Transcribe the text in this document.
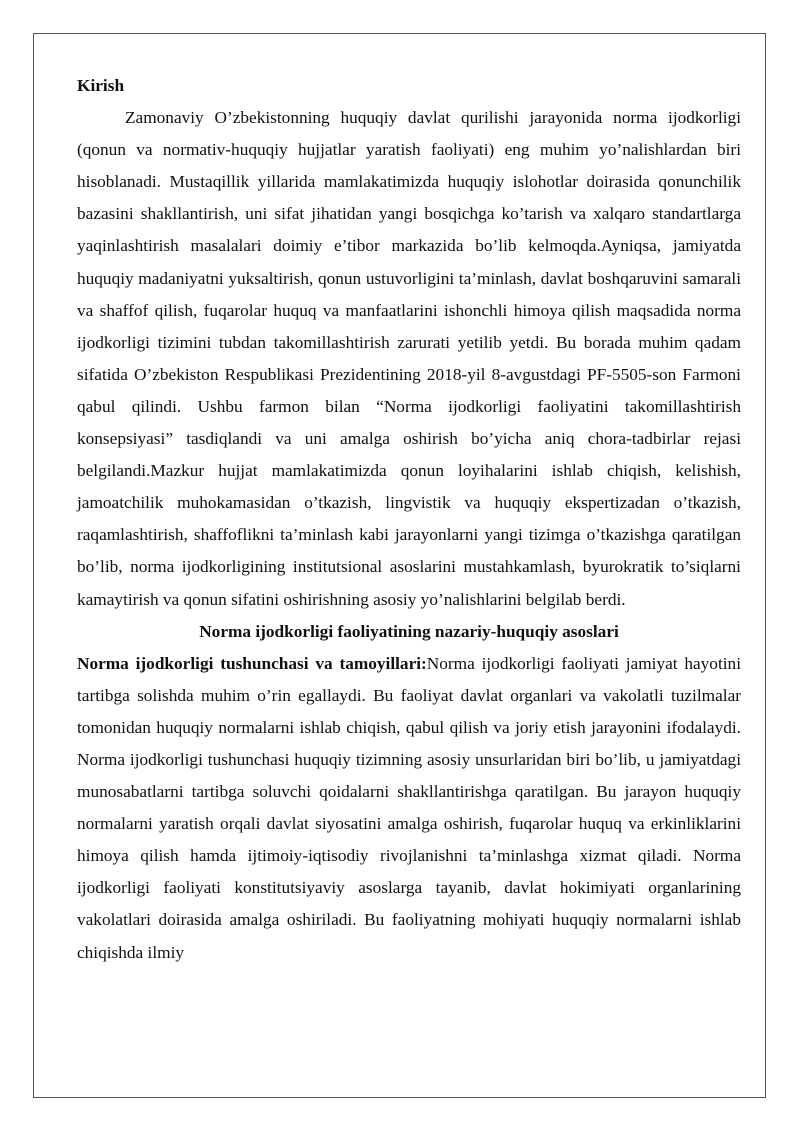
Kirish

Zamonaviy O’zbekistonning huquqiy davlat qurilishi jarayonida norma ijodkorligi (qonun va normativ-huquqiy hujjatlar yaratish faoliyati) eng muhim yo’nalishlardan biri hisoblanadi. Mustaqillik yillarida mamlakatimizda huquqiy islohotlar doirasida qonunchilik bazasini shakllantirish, uni sifat jihatidan yangi bosqichga ko’tarish va xalqaro standartlarga yaqinlashtirish masalalari doimiy e’tibor markazida bo’lib kelmoqda.Ayniqsa, jamiyatda huquqiy madaniyatni yuksaltirish, qonun ustuvorligini ta’minlash, davlat boshqaruvini samarali va shaffof qilish, fuqarolar huquq va manfaatlarini ishonchli himoya qilish maqsadida norma ijodkorligi tizimini tubdan takomillashtirish zarurati yetilib yetdi. Bu borada muhim qadam sifatida O’zbekiston Respublikasi Prezidentining 2018-yil 8-avgustdagi PF-5505-son Farmoni qabul qilindi. Ushbu farmon bilan “Norma ijodkorligi faoliyatini takomillashtirish konsepsiyasi” tasdiqlandi va uni amalga oshirish bo’yicha aniq chora-tadbirlar rejasi belgilandi.Mazkur hujjat mamlakatimizda qonun loyihalarini ishlab chiqish, kelishish, jamoatchilik muhokamasidan o’tkazish, lingvistik va huquqiy ekspertizadan o’tkazish, raqamlashtirish, shaffoflikni ta’minlash kabi jarayonlarni yangi tizimga o’tkazishga qaratilgan bo’lib, norma ijodkorligining institutsional asoslarini mustahkamlash, byurokratik to’siqlarni kamaytirish va qonun sifatini oshirishning asosiy yo’nalishlarini belgilab berdi.

Norma ijodkorligi faoliyatining nazariy-huquqiy asoslari

Norma ijodkorligi tushunchasi va tamoyillari:Norma ijodkorligi faoliyati jamiyat hayotini tartibga solishda muhim o’rin egallaydi. Bu faoliyat davlat organlari va vakolatli tuzilmalar tomonidan huquqiy normalarni ishlab chiqish, qabul qilish va joriy etish jarayonini ifodalaydi. Norma ijodkorligi tushunchasi huquqiy tizimning asosiy unsurlaridan biri bo’lib, u jamiyatdagi munosabatlarni tartibga soluvchi qoidalarni shakllantirishga qaratilgan. Bu jarayon huquqiy normalarni yaratish orqali davlat siyosatini amalga oshirish, fuqarolar huquq va erkinliklarini himoya qilish hamda ijtimoiy-iqtisodiy rivojlanishni ta’minlashga xizmat qiladi. Norma ijodkorligi faoliyati konstitutsiyaviy asoslarga tayanib, davlat hokimiyati organlarining vakolatlari doirasida amalga oshiriladi. Bu faoliyatning mohiyati huquqiy normalarni ishlab chiqishda ilmiy
